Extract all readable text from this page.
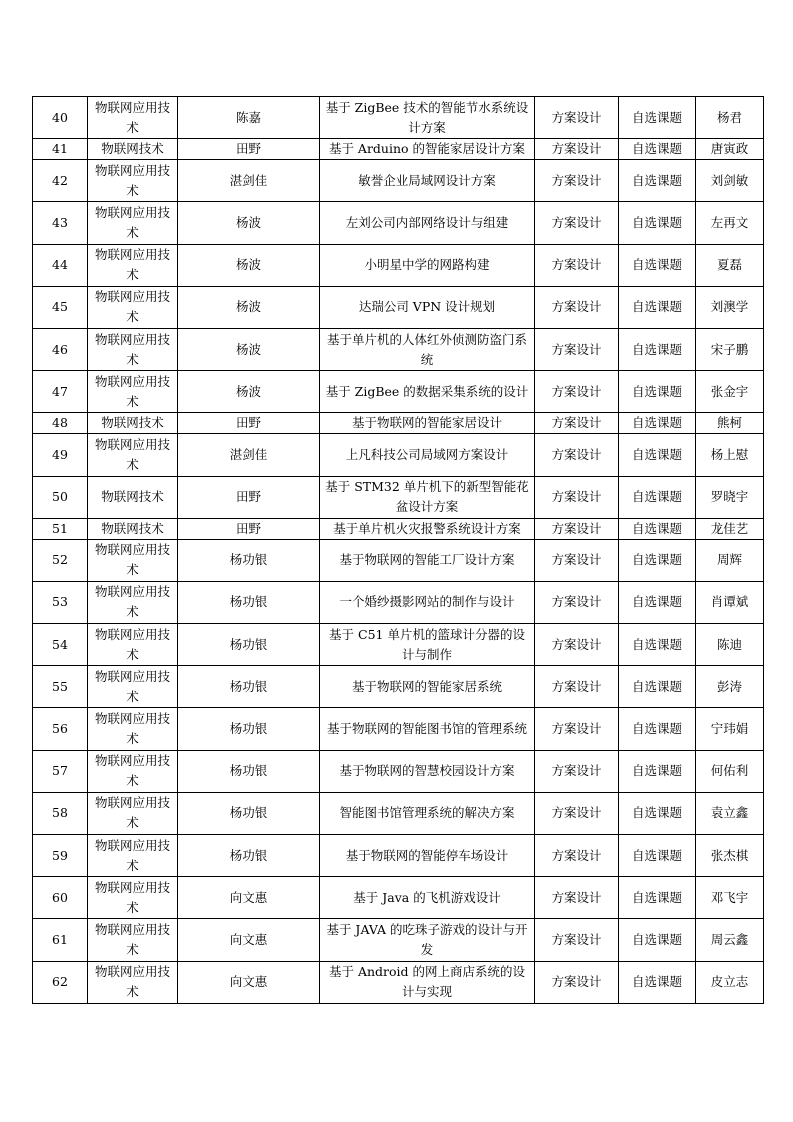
40	物联网应用技术	陈嘉	基于 ZigBee 技术的智能节水系统设计方案	方案设计	自选课题	杨君
41	物联网技术	田野	基于 Arduino 的智能家居设计方案	方案设计	自选课题	唐寅政
42	物联网应用技术	湛剑佳	敏誉企业局域网设计方案	方案设计	自选课题	刘剑敏
43	物联网应用技术	杨波	左刘公司内部网络设计与组建	方案设计	自选课题	左再文
44	物联网应用技术	杨波	小明星中学的网路构建	方案设计	自选课题	夏磊
45	物联网应用技术	杨波	达瑞公司 VPN 设计规划	方案设计	自选课题	刘澳学
46	物联网应用技术	杨波	基于单片机的人体红外侦测防盗门系统	方案设计	自选课题	宋子鹏
47	物联网应用技术	杨波	基于 ZigBee 的数据采集系统的设计	方案设计	自选课题	张金宇
48	物联网技术	田野	基于物联网的智能家居设计	方案设计	自选课题	熊柯
49	物联网应用技术	湛剑佳	上凡科技公司局域网方案设计	方案设计	自选课题	杨上慰
50	物联网技术	田野	基于 STM32 单片机下的新型智能花盆设计方案	方案设计	自选课题	罗晓宇
51	物联网技术	田野	基于单片机火灾报警系统设计方案	方案设计	自选课题	龙佳艺
52	物联网应用技术	杨功银	基于物联网的智能工厂设计方案	方案设计	自选课题	周辉
53	物联网应用技术	杨功银	一个婚纱摄影网站的制作与设计	方案设计	自选课题	肖谭斌
54	物联网应用技术	杨功银	基于 C51 单片机的篮球计分器的设计与制作	方案设计	自选课题	陈迪
55	物联网应用技术	杨功银	基于物联网的智能家居系统	方案设计	自选课题	彭涛
56	物联网应用技术	杨功银	基于物联网的智能图书馆的管理系统	方案设计	自选课题	宁玮娟
57	物联网应用技术	杨功银	基于物联网的智慧校园设计方案	方案设计	自选课题	何佑利
58	物联网应用技术	杨功银	智能图书馆管理系统的解决方案	方案设计	自选课题	袁立鑫
59	物联网应用技术	杨功银	基于物联网的智能停车场设计	方案设计	自选课题	张杰棋
60	物联网应用技术	向文惠	基于 Java 的飞机游戏设计	方案设计	自选课题	邓飞宇
61	物联网应用技术	向文惠	基于 JAVA 的吃珠子游戏的设计与开发	方案设计	自选课题	周云鑫
62	物联网应用技术	向文惠	基于 Android 的网上商店系统的设计与实现	方案设计	自选课题	皮立志
